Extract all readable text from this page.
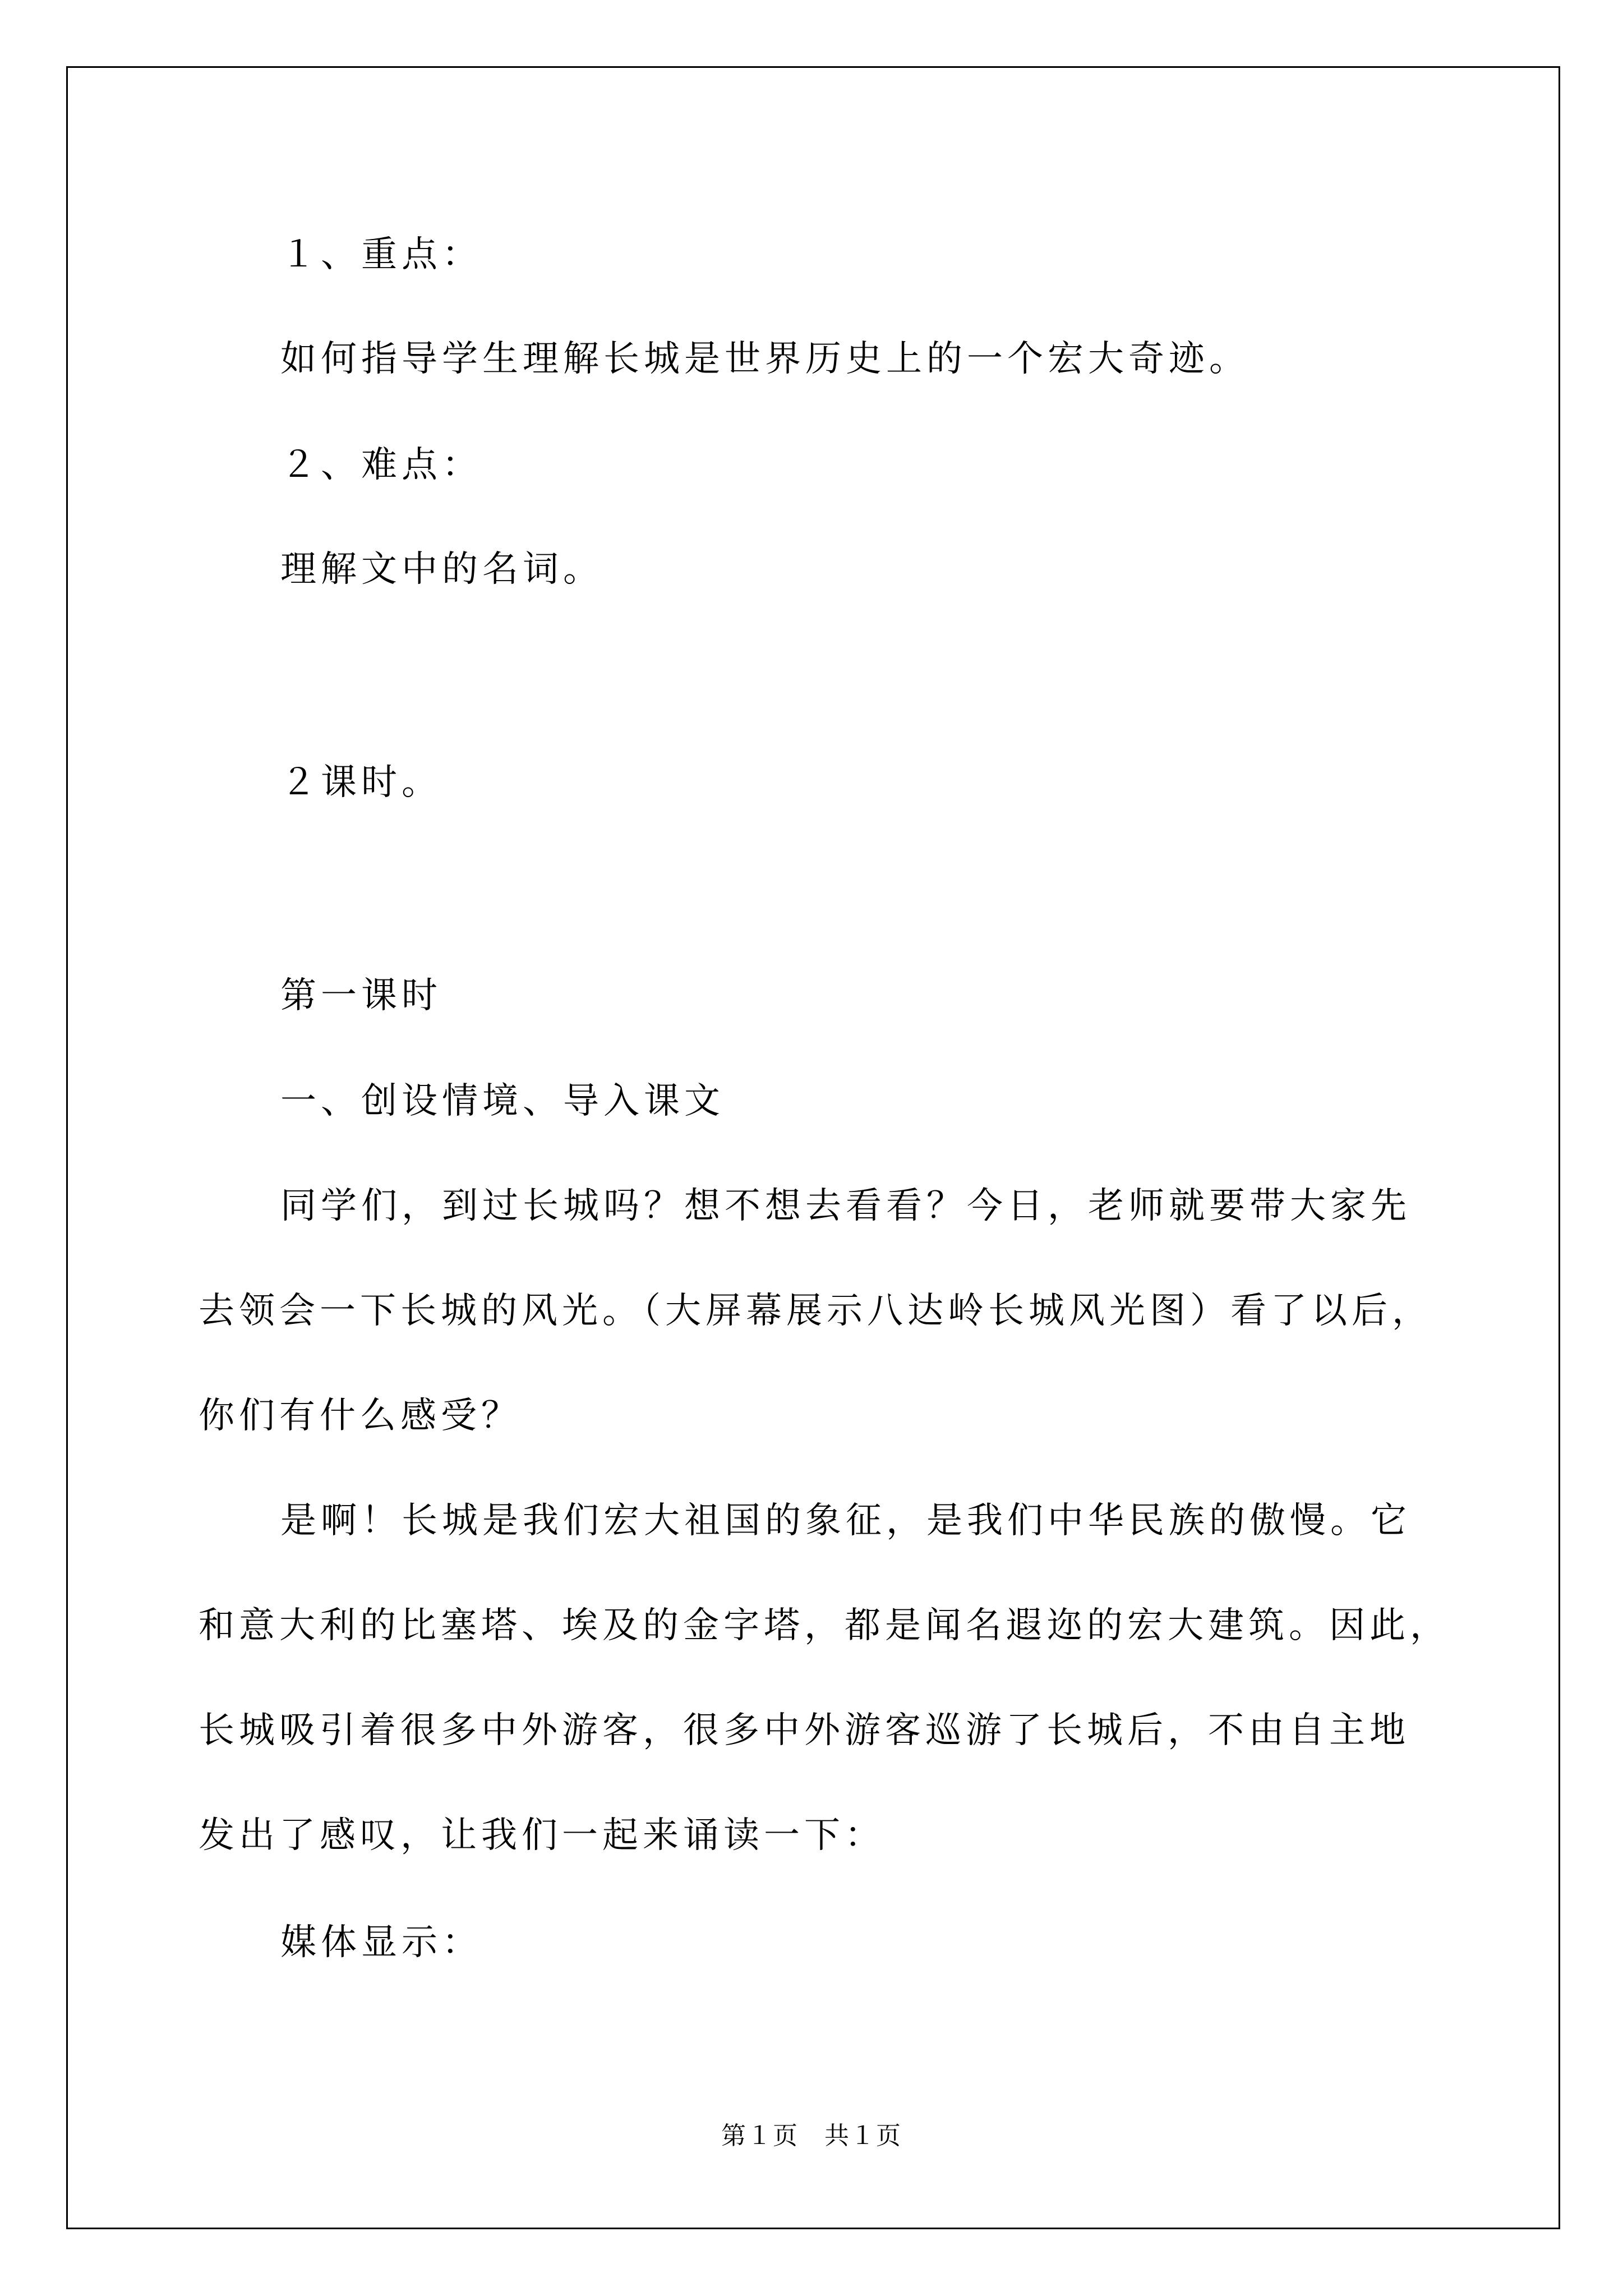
１、重点：
如何指导学生理解长城是世界历史上的一个宏大奇迹。
２、难点：
理解文中的名词。
２课时。
第一课时
一、创设情境、导入课文
同学们，到过长城吗？想不想去看看？今日，老师就要带大家先
去领会一下长城的风光。（大屏幕展示八达岭长城风光图）看了以后，
你们有什么感受？
是啊！长城是我们宏大祖国的象征，是我们中华民族的傲慢。它
和意大利的比塞塔、埃及的金字塔，都是闻名遐迩的宏大建筑。因此，
长城吸引着很多中外游客，很多中外游客巡游了长城后，不由自主地
发出了感叹，让我们一起来诵读一下：
媒体显示：
第１页　共１页
